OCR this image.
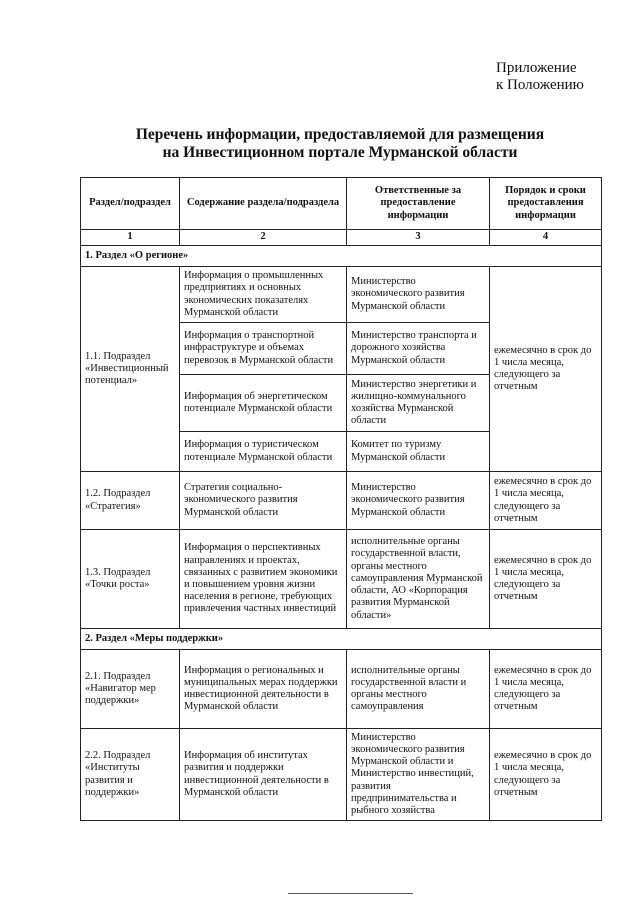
Приложение
к Положению
Перечень информации, предоставляемой для размещения
на Инвестиционном портале Мурманской области
Раздел/подраздел	Содержание раздела/подраздела	Ответственные за предоставление информации	Порядок и сроки предоставления информации
1	2	3	4
1. Раздел «О регионе»			
1.1. Подраздел «Инвестиционный потенциал»	Информация о промышленных предприятиях и основных экономических показателях Мурманской области	Министерство экономического развития Мурманской области	ежемесячно в срок до 1 числа месяца, следующего за отчетным
	Информация о транспортной инфраструктуре и объемах перевозок в Мурманской области	Министерство транспорта и дорожного хозяйства Мурманской области	
	Информация об энергетическом потенциале Мурманской области	Министерство энергетики и жилищно-коммунального хозяйства Мурманской области	
	Информация о туристическом потенциале Мурманской области	Комитет по туризму Мурманской области	
1.2. Подраздел «Стратегия»	Стратегия социально-экономического развития Мурманской области	Министерство экономического развития Мурманской области	ежемесячно в срок до 1 числа месяца, следующего за отчетным
1.3. Подраздел «Точки роста»	Информация о перспективных направлениях и проектах, связанных с развитием экономики и повышением уровня жизни населения в регионе, требующих привлечения частных инвестиций	исполнительные органы государственной власти, органы местного самоуправления Мурманской области, АО «Корпорация развития Мурманской области»	ежемесячно в срок до 1 числа месяца, следующего за отчетным
2. Раздел «Меры поддержки»			
2.1. Подраздел «Навигатор мер поддержки»	Информация о региональных и муниципальных мерах поддержки инвестиционной деятельности в Мурманской области	исполнительные органы государственной власти и органы местного самоуправления	ежемесячно в срок до 1 числа месяца, следующего за отчетным
2.2. Подраздел «Институты развития и поддержки»	Информация об институтах развития и поддержки инвестиционной деятельности в Мурманской области	Министерство экономического развития Мурманской области и Министерство инвестиций, развития предпринимательства и рыбного хозяйства	ежемесячно в срок до 1 числа месяца, следующего за отчетным
